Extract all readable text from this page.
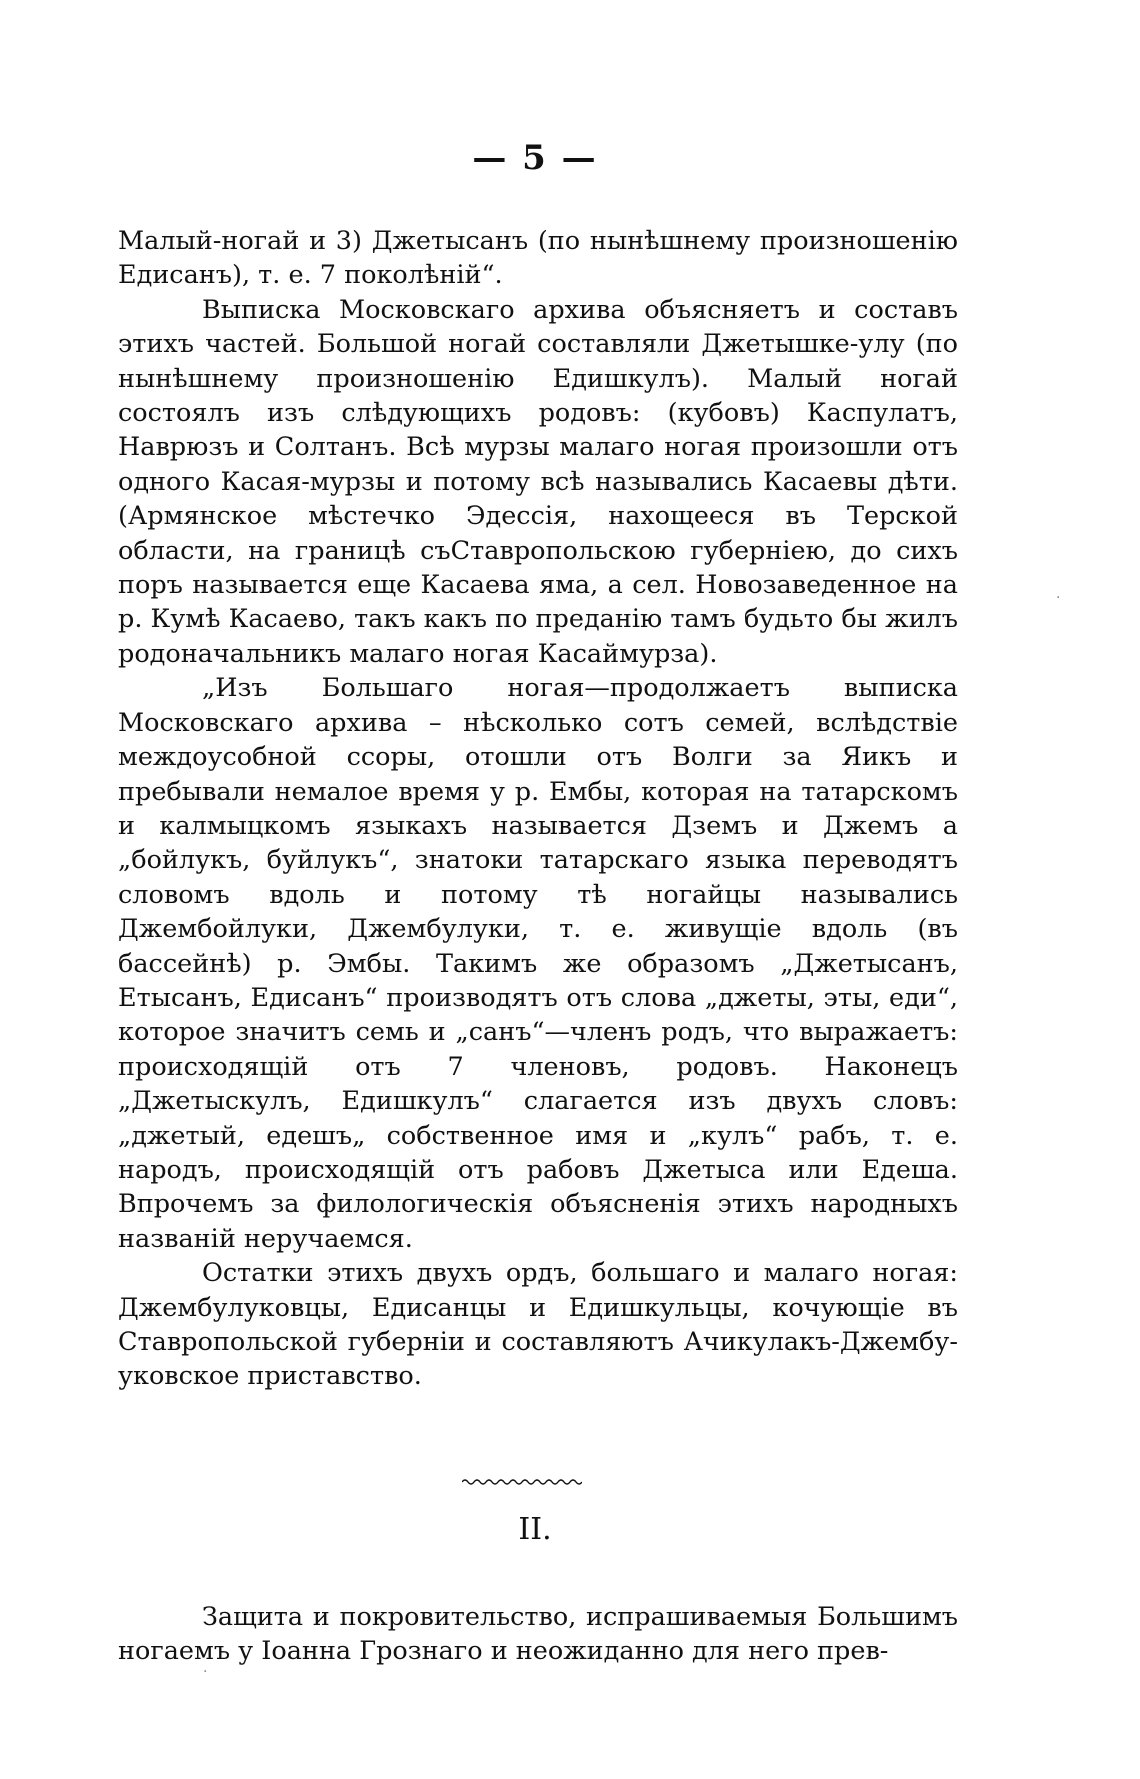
— 5 —

Малый-ногай и 3) Джетысанъ (по нынѣшнему произношенію Едисанъ), т. е. 7 поколѣній“.

Выписка Московскаго архива объясняетъ и составъ этихъ частей. Большой ногай составляли Джетышке-улу (по нынѣшнему произношенію Едишкулъ). Малый ногай состоялъ изъ слѣдующихъ родовъ: (кубовъ) Каспулатъ, Наврюзъ и Солтанъ. Всѣ мурзы малаго ногая произошли отъ одного Касая-мурзы и потому всѣ назывались Касаевы дѣти. (Армянское мѣстечко Эдессія, нахощееся въ Терской области, на границѣ съСтавропольскою губерніею, до сихъ поръ называется еще Касаева яма, а сел. Новозаведенное на р. Кумѣ Касаево, такъ какъ по преданію тамъ будьто бы жилъ родоначальникъ малаго ногая Касаймурза).

„Изъ Большаго ногая—продолжаетъ выписка Московскаго архива – нѣсколько сотъ семей, вслѣдствіе междоусобной ссоры, отошли отъ Волги за Яикъ и пребывали немалое время у р. Ембы, которая на татарскомъ и калмыцкомъ языкахъ называется Дземъ и Джемъ а „бойлукъ, буйлукъ“, знатоки татарскаго языка переводятъ словомъ вдоль и потому тѣ ногайцы назывались Джембойлуки, Джембулуки, т. е. живущіе вдоль (въ бассейнѣ) р. Эмбы. Такимъ же образомъ „Джетысанъ, Етысанъ, Едисанъ“ производятъ отъ слова „джеты, эты, еди“, которое значитъ семь и „санъ“—членъ родъ, что выражаетъ: происходящій отъ 7 членовъ, родовъ. Наконецъ „Джетыскулъ, Едишкулъ“ слагается изъ двухъ словъ: „джетый, едешъ„ собственное имя и „кулъ“ рабъ, т. е. народъ, происходящій отъ рабовъ Джетыса или Едеша. Впрочемъ за филологическія объясненія этихъ народныхъ названій неручаемся.

Остатки этихъ двухъ ордъ, большаго и малаго ногая: Джембулуковцы, Едисанцы и Едишкульцы, кочующіе въ Ставропольской губерніи и составляютъ Ачикулакъ-Джембу-уковское приставство.

II.

Защита и покровительство, испрашиваемыя Большимъ ногаемъ у Іоанна Грознаго и неожиданно для него прев-

·
·
